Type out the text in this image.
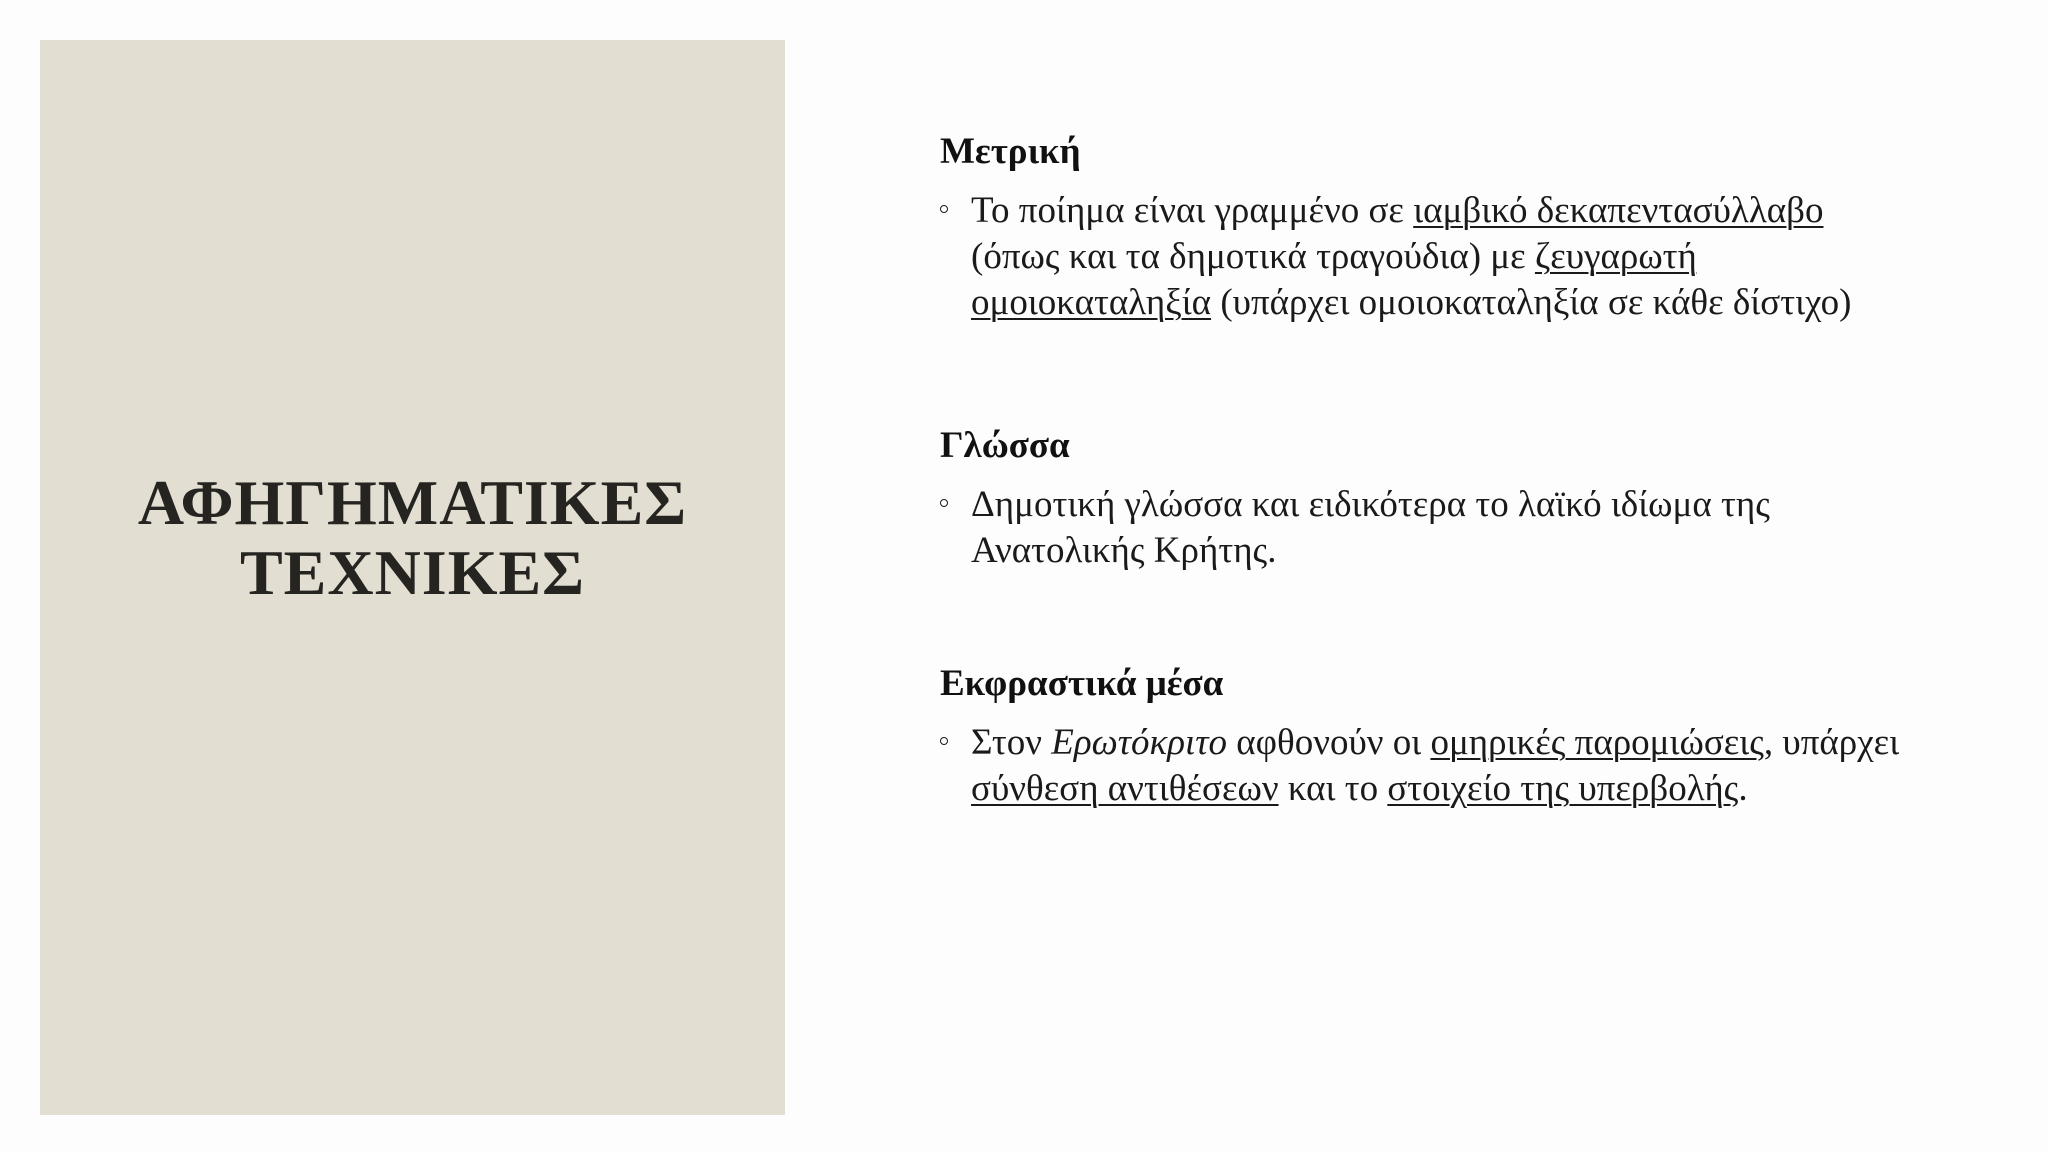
ΑΦΗΓΗΜΑΤΙΚΕΣ
ΤΕΧΝΙΚΕΣ
Μετρική

Το ποίημα είναι γραμμένο σε ιαμβικό δεκαπεντασύλλαβο (όπως και τα δημοτικά τραγούδια) με ζευγαρωτή ομοιοκαταληξία (υπάρχει ομοιοκαταληξία σε κάθε δίστιχο)

Γλώσσα

Δημοτική γλώσσα και ειδικότερα το λαϊκό ιδίωμα της Ανατολικής Κρήτης.

Εκφραστικά μέσα

Στον Ερωτόκριτο αφθονούν οι ομηρικές παρομιώσεις, υπάρχει σύνθεση αντιθέσεων και το στοιχείο της υπερβολής.
